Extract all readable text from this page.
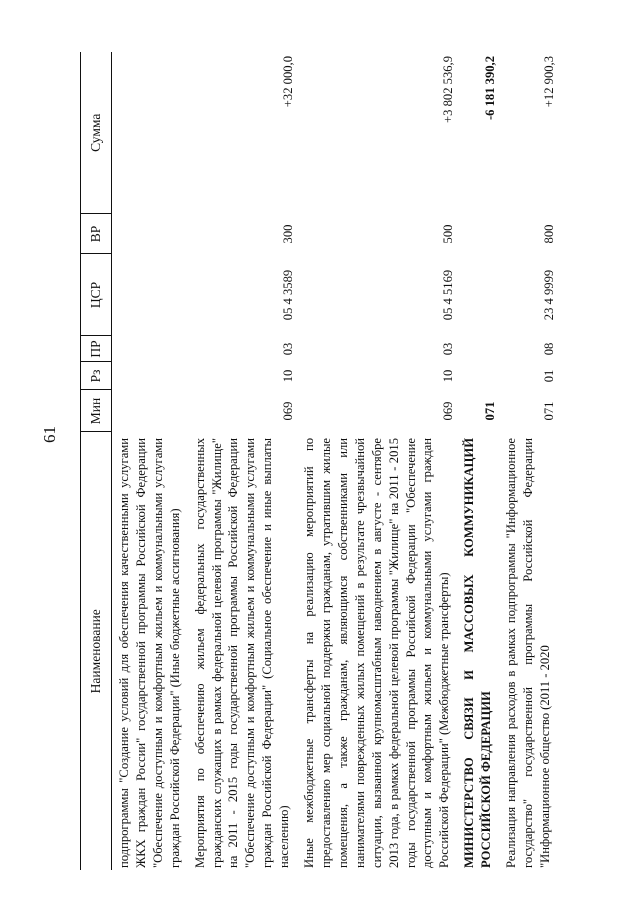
61
Наименование	Мин	Рз	ПР	ЦСР	ВР	Сумма
подпрограммы "Создание условий для обеспечения качественными услугами ЖКХ граждан России" государственной программы Российской Федерации "Обеспечение доступным и комфортным жильем и коммунальными услугами граждан Российской Федерации" (Иные бюджетные ассигнования)						
Мероприятия по обеспечению жильем федеральных государственных гражданских служащих в рамках федеральной целевой программы "Жилище" на 2011 - 2015 годы государственной программы Российской Федерации "Обеспечение доступным и комфортным жильем и коммунальными услугами граждан Российской Федерации" (Социальное обеспечение и иные выплаты населению)	069	10	03	05 4 3589	300	+32 000,0
Иные межбюджетные трансферты на реализацию мероприятий по предоставлению мер социальной поддержки гражданам, утратившим жилые помещения, а также гражданам, являющимся собственниками или нанимателями поврежденных жилых помещений в результате чрезвычайной ситуации, вызванной крупномасштабным наводнением в августе - сентябре 2013 года, в рамках федеральной целевой программы "Жилище" на 2011 - 2015 годы государственной программы Российской Федерации "Обеспечение доступным и комфортным жильем и коммунальными услугами граждан Российской Федерации" (Межбюджетные трансферты)	069	10	03	05 4 5169	500	+3 802 536,9
МИНИСТЕРСТВО СВЯЗИ И МАССОВЫХ КОММУНИКАЦИЙ РОССИЙСКОЙ ФЕДЕРАЦИИ	071					-6 181 390,2
Реализация направления расходов в рамках подпрограммы "Информационное государство" государственной программы Российской Федерации "Информационное общество (2011 - 2020	071	01	08	23 4 9999	800	+12 900,3
